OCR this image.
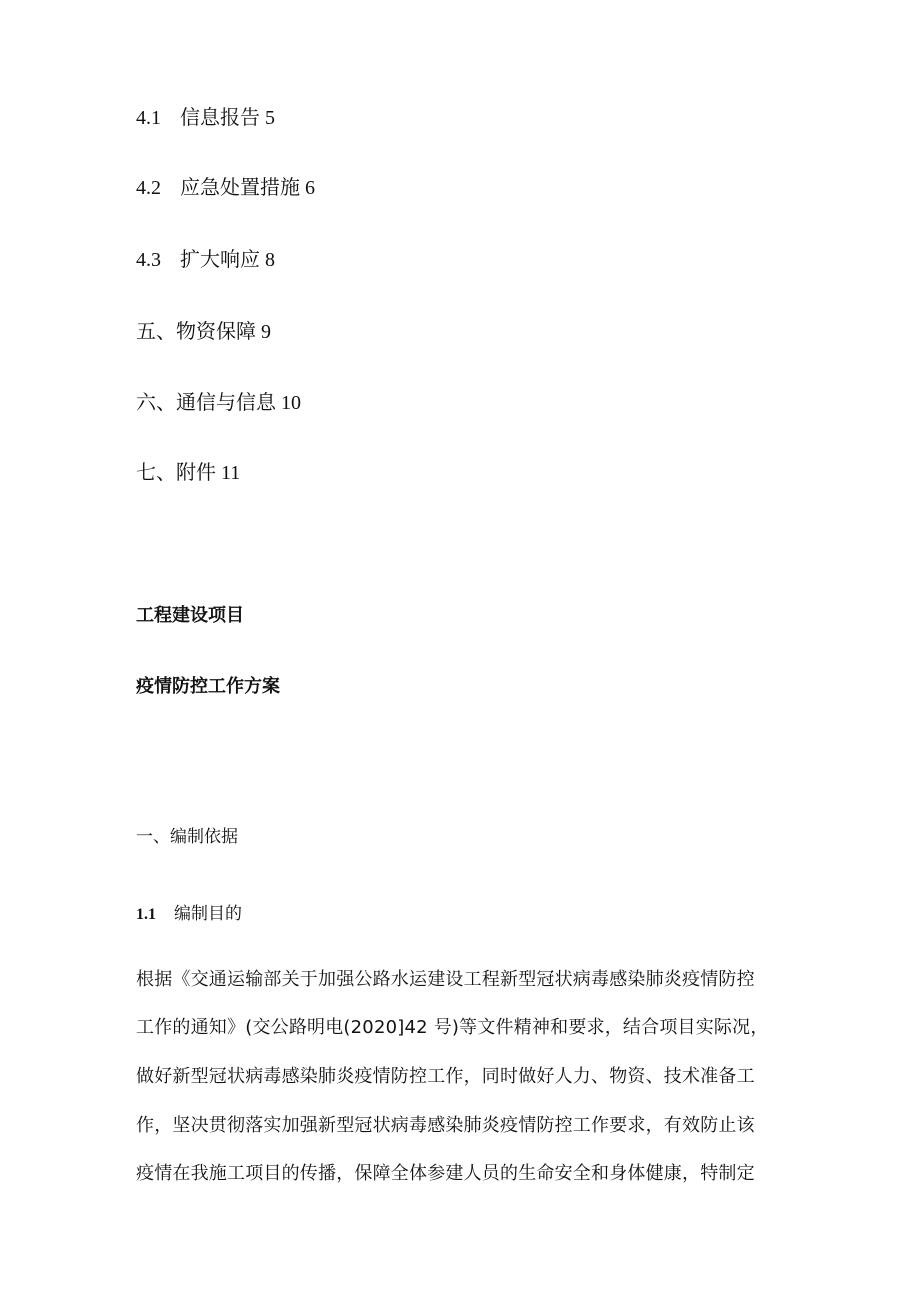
4.1 信息报告 5
4.2 应急处置措施 6
4.3 扩大响应 8
五、物资保障 9
六、通信与信息 10
七、附件 11
工程建设项目
疫情防控工作方案
一、编制依据
1.1 编制目的
根据《交通运输部关于加强公路水运建设工程新型冠状病毒感染肺炎疫情防控
工作的通知》(交公路明电(2020]42 号)等文件精神和要求，结合项目实际况，
做好新型冠状病毒感染肺炎疫情防控工作，同时做好人力、物资、技术准备工
作，坚决贯彻落实加强新型冠状病毒感染肺炎疫情防控工作要求，有效防止该
疫情在我施工项目的传播，保障全体参建人员的生命安全和身体健康，特制定
